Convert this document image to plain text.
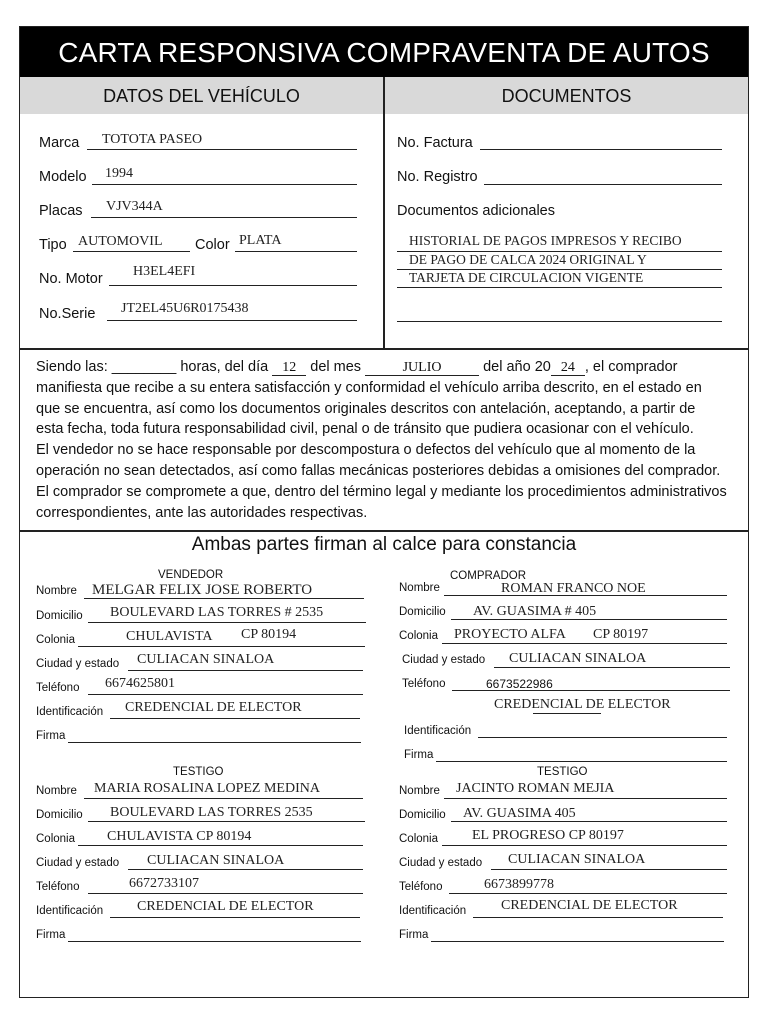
CARTA RESPONSIVA COMPRAVENTA DE AUTOS
DATOS DEL VEHÍCULO	DOCUMENTOS
Marca TOTOTA PASEO
Modelo 1994
Placas VJV344A
Tipo AUTOMOVIL Color PLATA
No. Motor H3EL4EFI
No.Serie JT2EL45U6R0175438
No. Factura
No. Registro
Documentos adicionales
HISTORIAL DE PAGOS IMPRESOS Y RECIBO
DE PAGO DE CALCA 2024 ORIGINAL Y
TARJETA DE CIRCULACION VIGENTE
Siendo las: ________ horas, del día 12 del mes	JULIO	del año 20 24 , el comprador
manifiesta que recibe a su entera satisfacción y conformidad el vehículo arriba descrito, en el estado en
que se encuentra, así como los documentos originales descritos con antelación, aceptando, a partir de
esta fecha, toda futura responsabilidad civil, penal o de tránsito que pudiera ocasionar con el vehículo.
El vendedor no se hace responsable por descompostura o defectos del vehículo que al momento de la
operación no sean detectados, así como fallas mecánicas posteriores debidas a omisiones del comprador.
El comprador se compromete a que, dentro del término legal y mediante los procedimientos administrativos
correspondientes, ante las autoridades respectivas.
Ambas partes firman al calce para constancia
VENDEDOR
Nombre MELGAR FELIX JOSE ROBERTO
Domicilio BOULEVARD LAS TORRES # 2535
Colonia	CHULAVISTA CP 80194
Ciudad y estado CULIACAN SINALOA
Teléfono 6674625801
Identificación CREDENCIAL DE ELECTOR
Firma
COMPRADOR
Nombre	ROMAN FRANCO NOE
Domicilio AV. GUASIMA # 405
Colonia PROYECTO ALFA CP 80197
Ciudad y estado CULIACAN SINALOA
Teléfono	6673522986
CREDENCIAL DE ELECTOR
Identificación
Firma
TESTIGO
Nombre MARIA ROSALINA LOPEZ MEDINA
Domicilio BOULEVARD LAS TORRES 2535
Colonia CHULAVISTA CP 80194
Ciudad y estado CULIACAN SINALOA
Teléfono	6672733107
Identificación CREDENCIAL DE ELECTOR
Firma
TESTIGO
Nombre JACINTO ROMAN MEJIA
Domicilio AV. GUASIMA 405
Colonia EL PROGRESO CP 80197
Ciudad y estado CULIACAN SINALOA
Teléfono	6673899778
Identificación CREDENCIAL DE ELECTOR
Firma
